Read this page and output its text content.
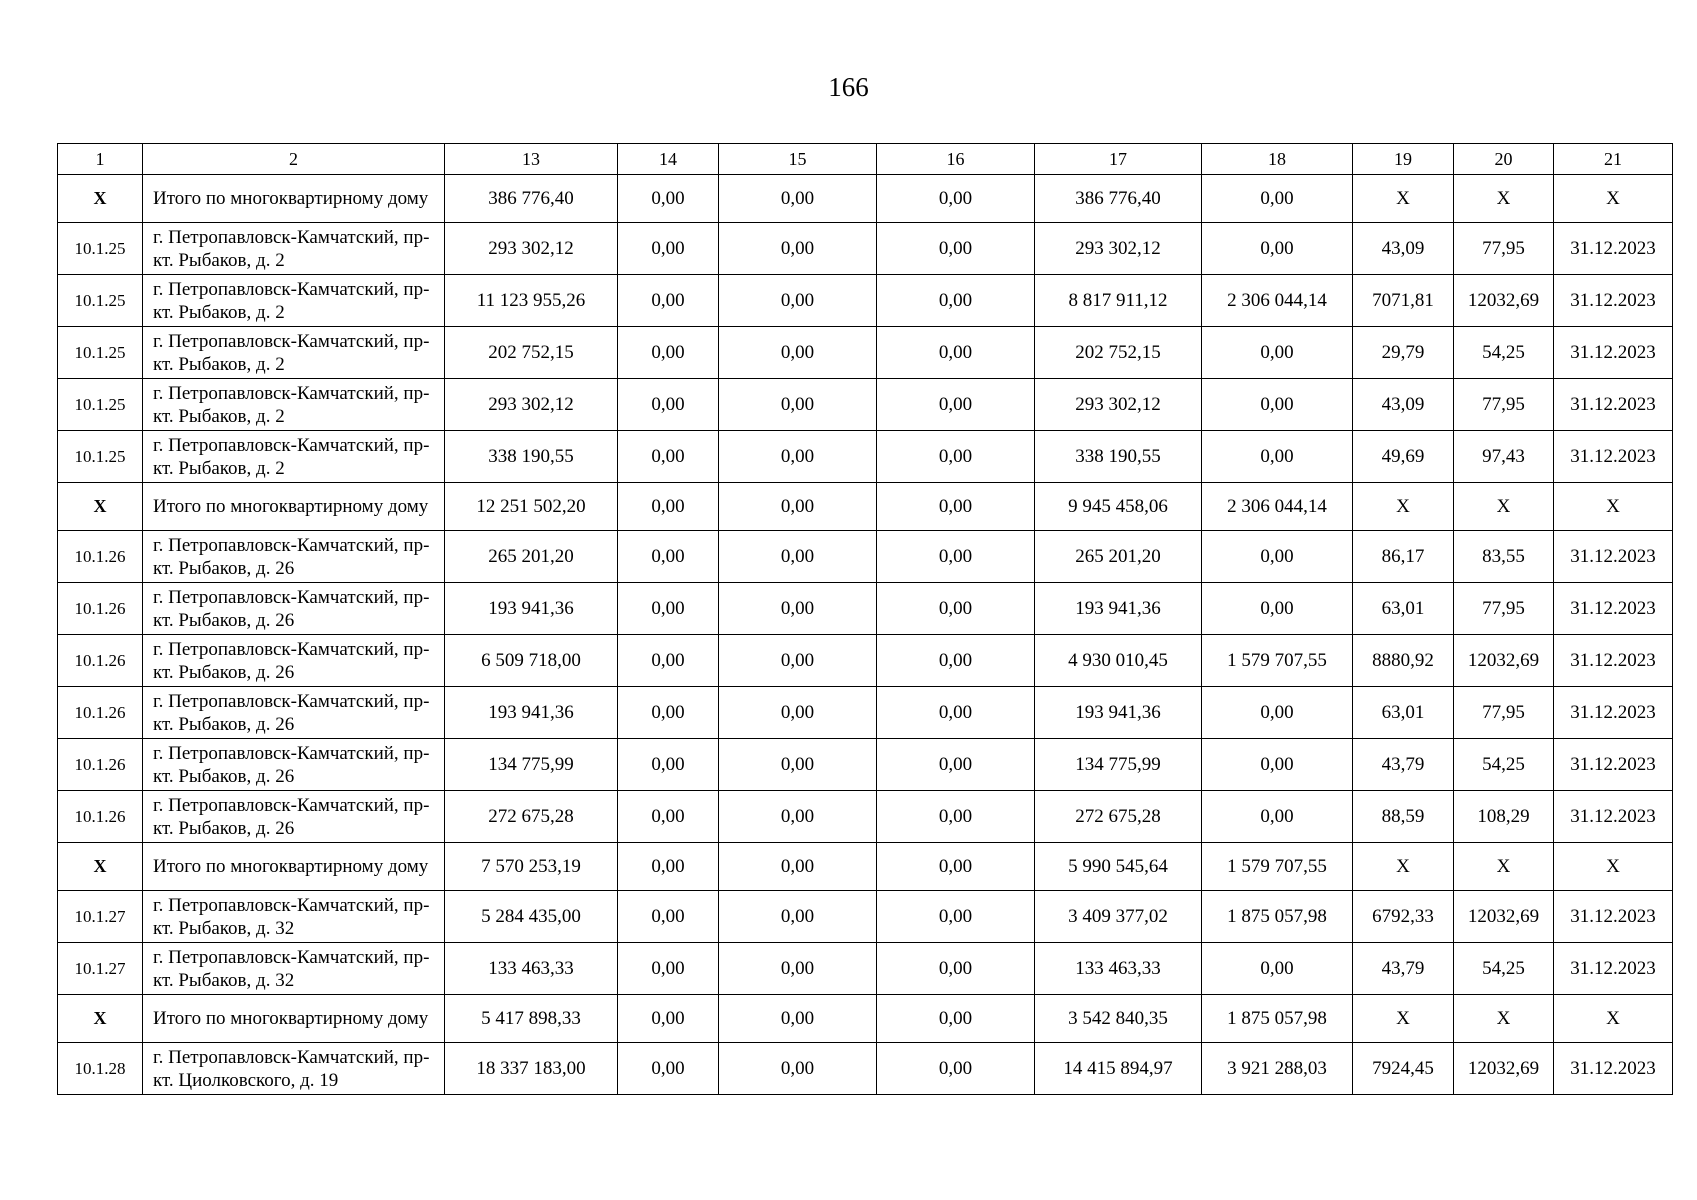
166
1	2	13	14	15	16	17	18	19	20	21
X	Итого по многоквартирному дому	386 776,40	0,00	0,00	0,00	386 776,40	0,00	X	X	X
10.1.25	г. Петропавловск-Камчатский, пр-кт. Рыбаков, д. 2	293 302,12	0,00	0,00	0,00	293 302,12	0,00	43,09	77,95	31.12.2023
10.1.25	г. Петропавловск-Камчатский, пр-кт. Рыбаков, д. 2	11 123 955,26	0,00	0,00	0,00	8 817 911,12	2 306 044,14	7071,81	12032,69	31.12.2023
10.1.25	г. Петропавловск-Камчатский, пр-кт. Рыбаков, д. 2	202 752,15	0,00	0,00	0,00	202 752,15	0,00	29,79	54,25	31.12.2023
10.1.25	г. Петропавловск-Камчатский, пр-кт. Рыбаков, д. 2	293 302,12	0,00	0,00	0,00	293 302,12	0,00	43,09	77,95	31.12.2023
10.1.25	г. Петропавловск-Камчатский, пр-кт. Рыбаков, д. 2	338 190,55	0,00	0,00	0,00	338 190,55	0,00	49,69	97,43	31.12.2023
X	Итого по многоквартирному дому	12 251 502,20	0,00	0,00	0,00	9 945 458,06	2 306 044,14	X	X	X
10.1.26	г. Петропавловск-Камчатский, пр-кт. Рыбаков, д. 26	265 201,20	0,00	0,00	0,00	265 201,20	0,00	86,17	83,55	31.12.2023
10.1.26	г. Петропавловск-Камчатский, пр-кт. Рыбаков, д. 26	193 941,36	0,00	0,00	0,00	193 941,36	0,00	63,01	77,95	31.12.2023
10.1.26	г. Петропавловск-Камчатский, пр-кт. Рыбаков, д. 26	6 509 718,00	0,00	0,00	0,00	4 930 010,45	1 579 707,55	8880,92	12032,69	31.12.2023
10.1.26	г. Петропавловск-Камчатский, пр-кт. Рыбаков, д. 26	193 941,36	0,00	0,00	0,00	193 941,36	0,00	63,01	77,95	31.12.2023
10.1.26	г. Петропавловск-Камчатский, пр-кт. Рыбаков, д. 26	134 775,99	0,00	0,00	0,00	134 775,99	0,00	43,79	54,25	31.12.2023
10.1.26	г. Петропавловск-Камчатский, пр-кт. Рыбаков, д. 26	272 675,28	0,00	0,00	0,00	272 675,28	0,00	88,59	108,29	31.12.2023
X	Итого по многоквартирному дому	7 570 253,19	0,00	0,00	0,00	5 990 545,64	1 579 707,55	X	X	X
10.1.27	г. Петропавловск-Камчатский, пр-кт. Рыбаков, д. 32	5 284 435,00	0,00	0,00	0,00	3 409 377,02	1 875 057,98	6792,33	12032,69	31.12.2023
10.1.27	г. Петропавловск-Камчатский, пр-кт. Рыбаков, д. 32	133 463,33	0,00	0,00	0,00	133 463,33	0,00	43,79	54,25	31.12.2023
X	Итого по многоквартирному дому	5 417 898,33	0,00	0,00	0,00	3 542 840,35	1 875 057,98	X	X	X
10.1.28	г. Петропавловск-Камчатский, пр-кт. Циолковского, д. 19	18 337 183,00	0,00	0,00	0,00	14 415 894,97	3 921 288,03	7924,45	12032,69	31.12.2023
